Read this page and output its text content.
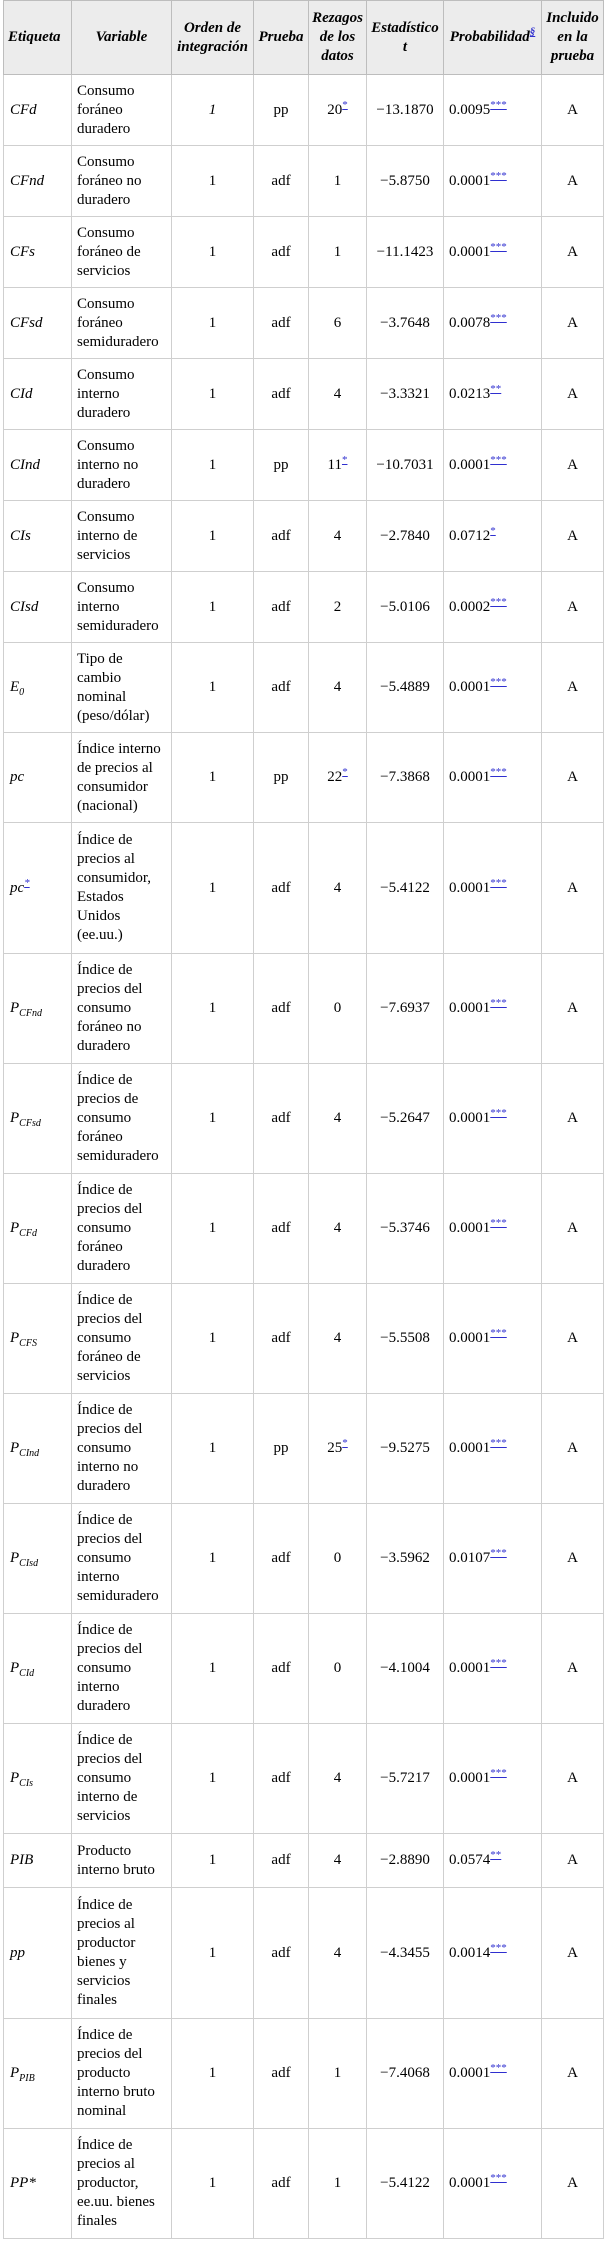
Etiqueta	Variable	Orden de integración	Prueba	Rezagos de los datos	Estadístico t	Probabilidad§	Incluido en la prueba
CFd	Consumo foráneo duradero	1	pp	20*	−13.1870	0.0095***	A
CFnd	Consumo foráneo no duradero	1	adf	1	−5.8750	0.0001***	A
CFs	Consumo foráneo de servicios	1	adf	1	−11.1423	0.0001***	A
CFsd	Consumo foráneo semiduradero	1	adf	6	−3.7648	0.0078***	A
CId	Consumo interno duradero	1	adf	4	−3.3321	0.0213**	A
CInd	Consumo interno no duradero	1	pp	11*	−10.7031	0.0001***	A
CIs	Consumo interno de servicios	1	adf	4	−2.7840	0.0712*	A
CIsd	Consumo interno semiduradero	1	adf	2	−5.0106	0.0002***	A
$E_0$	Tipo de cambio nominal (peso/dólar)	1	adf	4	−5.4889	0.0001***	A
pc	Índice interno de precios al consumidor (nacional)	1	pp	22*	−7.3868	0.0001***	A
pc*	Índice de precios al consumidor, Estados Unidos (ee.uu.)	1	adf	4	−5.4122	0.0001***	A
$P_{CFnd}$	Índice de precios del consumo foráneo no duradero	1	adf	0	−7.6937	0.0001***	A
$P_{CFsd}$	Índice de precios de consumo foráneo semiduradero	1	adf	4	−5.2647	0.0001***	A
$P_{CFd}$	Índice de precios del consumo foráneo duradero	1	adf	4	−5.3746	0.0001***	A
$P_{CFS}$	Índice de precios del consumo foráneo de servicios	1	adf	4	−5.5508	0.0001***	A
$P_{CInd}$	Índice de precios del consumo interno no duradero	1	pp	25*	−9.5275	0.0001***	A
$P_{CIsd}$	Índice de precios del consumo interno semiduradero	1	adf	0	−3.5962	0.0107***	A
$P_{CId}$	Índice de precios del consumo interno duradero	1	adf	0	−4.1004	0.0001***	A
$P_{CIs}$	Índice de precios del consumo interno de servicios	1	adf	4	−5.7217	0.0001***	A
PIB	Producto interno bruto	1	adf	4	−2.8890	0.0574**	A
pp	Índice de precios al productor bienes y servicios finales	1	adf	4	−4.3455	0.0014***	A
$P_{PIB}$	Índice de precios del producto interno bruto nominal	1	adf	1	−7.4068	0.0001***	A
PP*	Índice de precios al productor, ee.uu. bienes finales	1	adf	1	−5.4122	0.0001***	A
